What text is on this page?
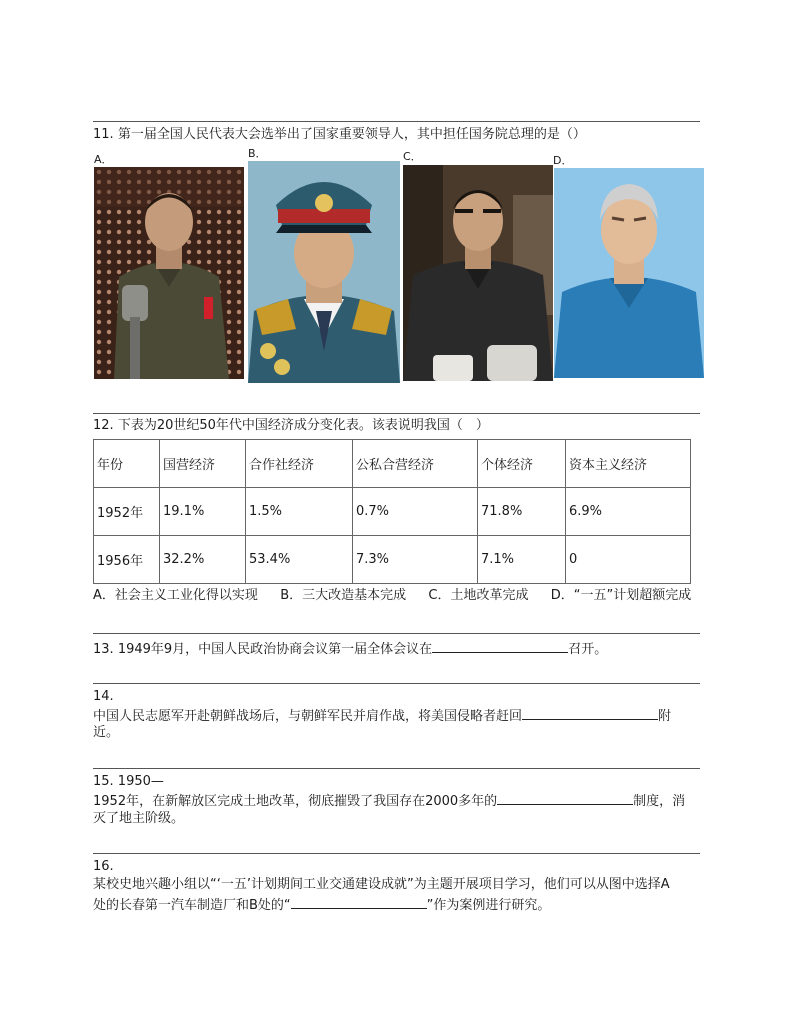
11. 第一届全国人民代表大会选举出了国家重要领导人，其中担任国务院总理的是（）
A．	B．	C．	D．
12. 下表为20世纪50年代中国经济成分变化表。该表说明我国（　）
年份	国营经济	合作社经济	公私合营经济	个体经济	资本主义经济
1952年	19.1%	1.5%	0.7%	71.8%	6.9%
1956年	32.2%	53.4%	7.3%	7.1%	0
A．社会主义工业化得以实现 B．三大改造基本完成 C．土地改革完成 D．“一五”计划超额完成
13. 1949年9月，中国人民政治协商会议第一届全体会议在	召开。
14.
中国人民志愿军开赴朝鲜战场后，与朝鲜军民并肩作战，将美国侵略者赶回	附
近。
15. 1950—
1952年，在新解放区完成土地改革，彻底摧毁了我国存在2000多年的	制度，消
灭了地主阶级。
16.
某校史地兴趣小组以“‘一五’计划期间工业交通建设成就”为主题开展项目学习，他们可以从图中选择A
处的长春第一汽车制造厂和B处的“	”作为案例进行研究。
